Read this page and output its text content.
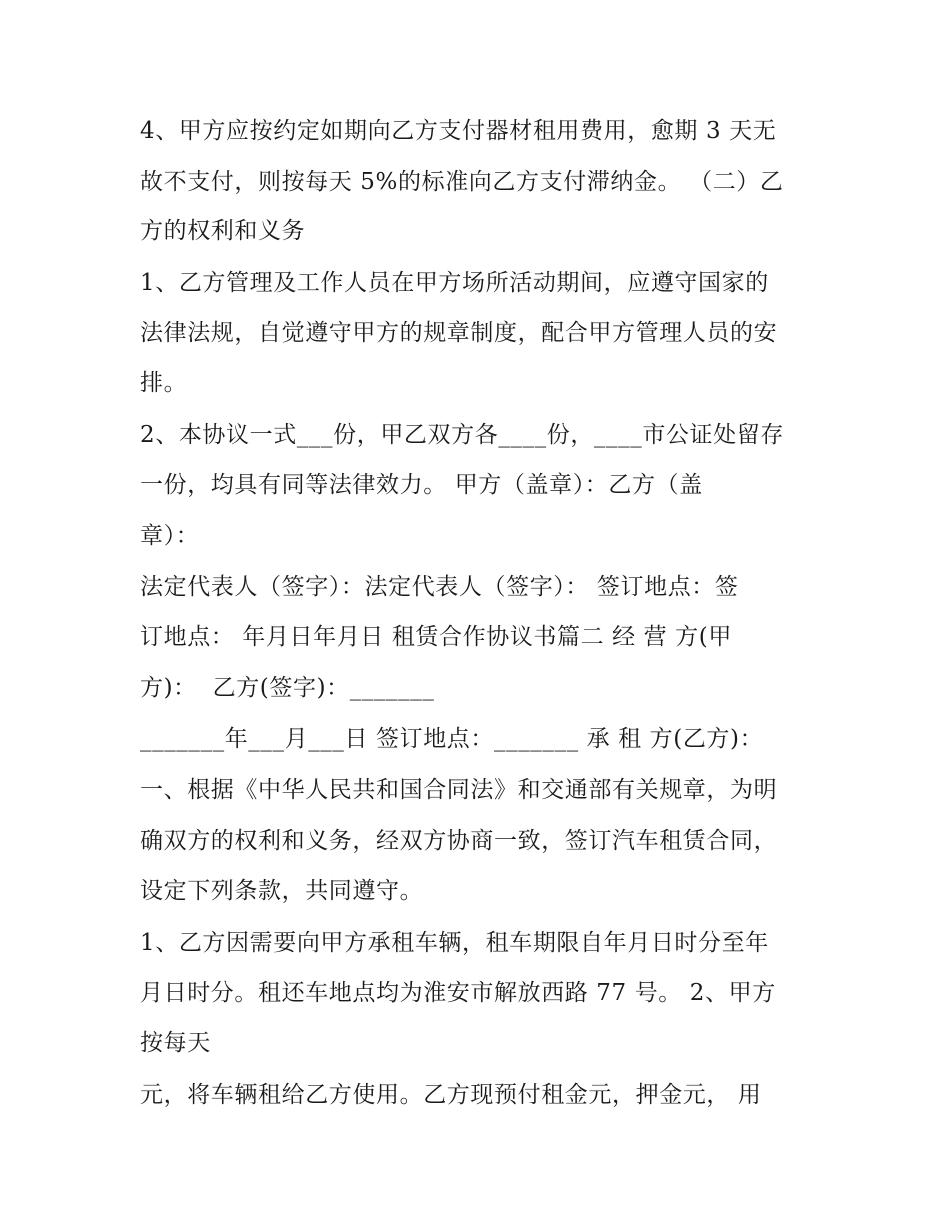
4、甲方应按约定如期向乙方支付器材租用费用，愈期 3 天无

故不支付，则按每天 5%的标准向乙方支付滞纳金。 （二）乙

方的权利和义务

1、乙方管理及工作人员在甲方场所活动期间，应遵守国家的

法律法规，自觉遵守甲方的规章制度，配合甲方管理人员的安

排。

2、本协议一式___份，甲乙双方各____份，____市公证处留存

一份，均具有同等法律效力。 甲方（盖章）：乙方（盖

章）：

法定代表人（签字）：法定代表人（签字）： 签订地点：签

订地点： 年月日年月日 租赁合作协议书篇二 经 营 方(甲

方)：  乙方(签字)：_______

_______年___月___日 签订地点：_______ 承 租 方(乙方)：

一、根据《中华人民共和国合同法》和交通部有关规章，为明

确双方的权利和义务，经双方协商一致，签订汽车租赁合同，

设定下列条款，共同遵守。

1、乙方因需要向甲方承租车辆，租车期限自年月日时分至年

月日时分。租还车地点均为淮安市解放西路 77 号。 2、甲方

按每天

元，将车辆租给乙方使用。乙方现预付租金元，押金元， 用
